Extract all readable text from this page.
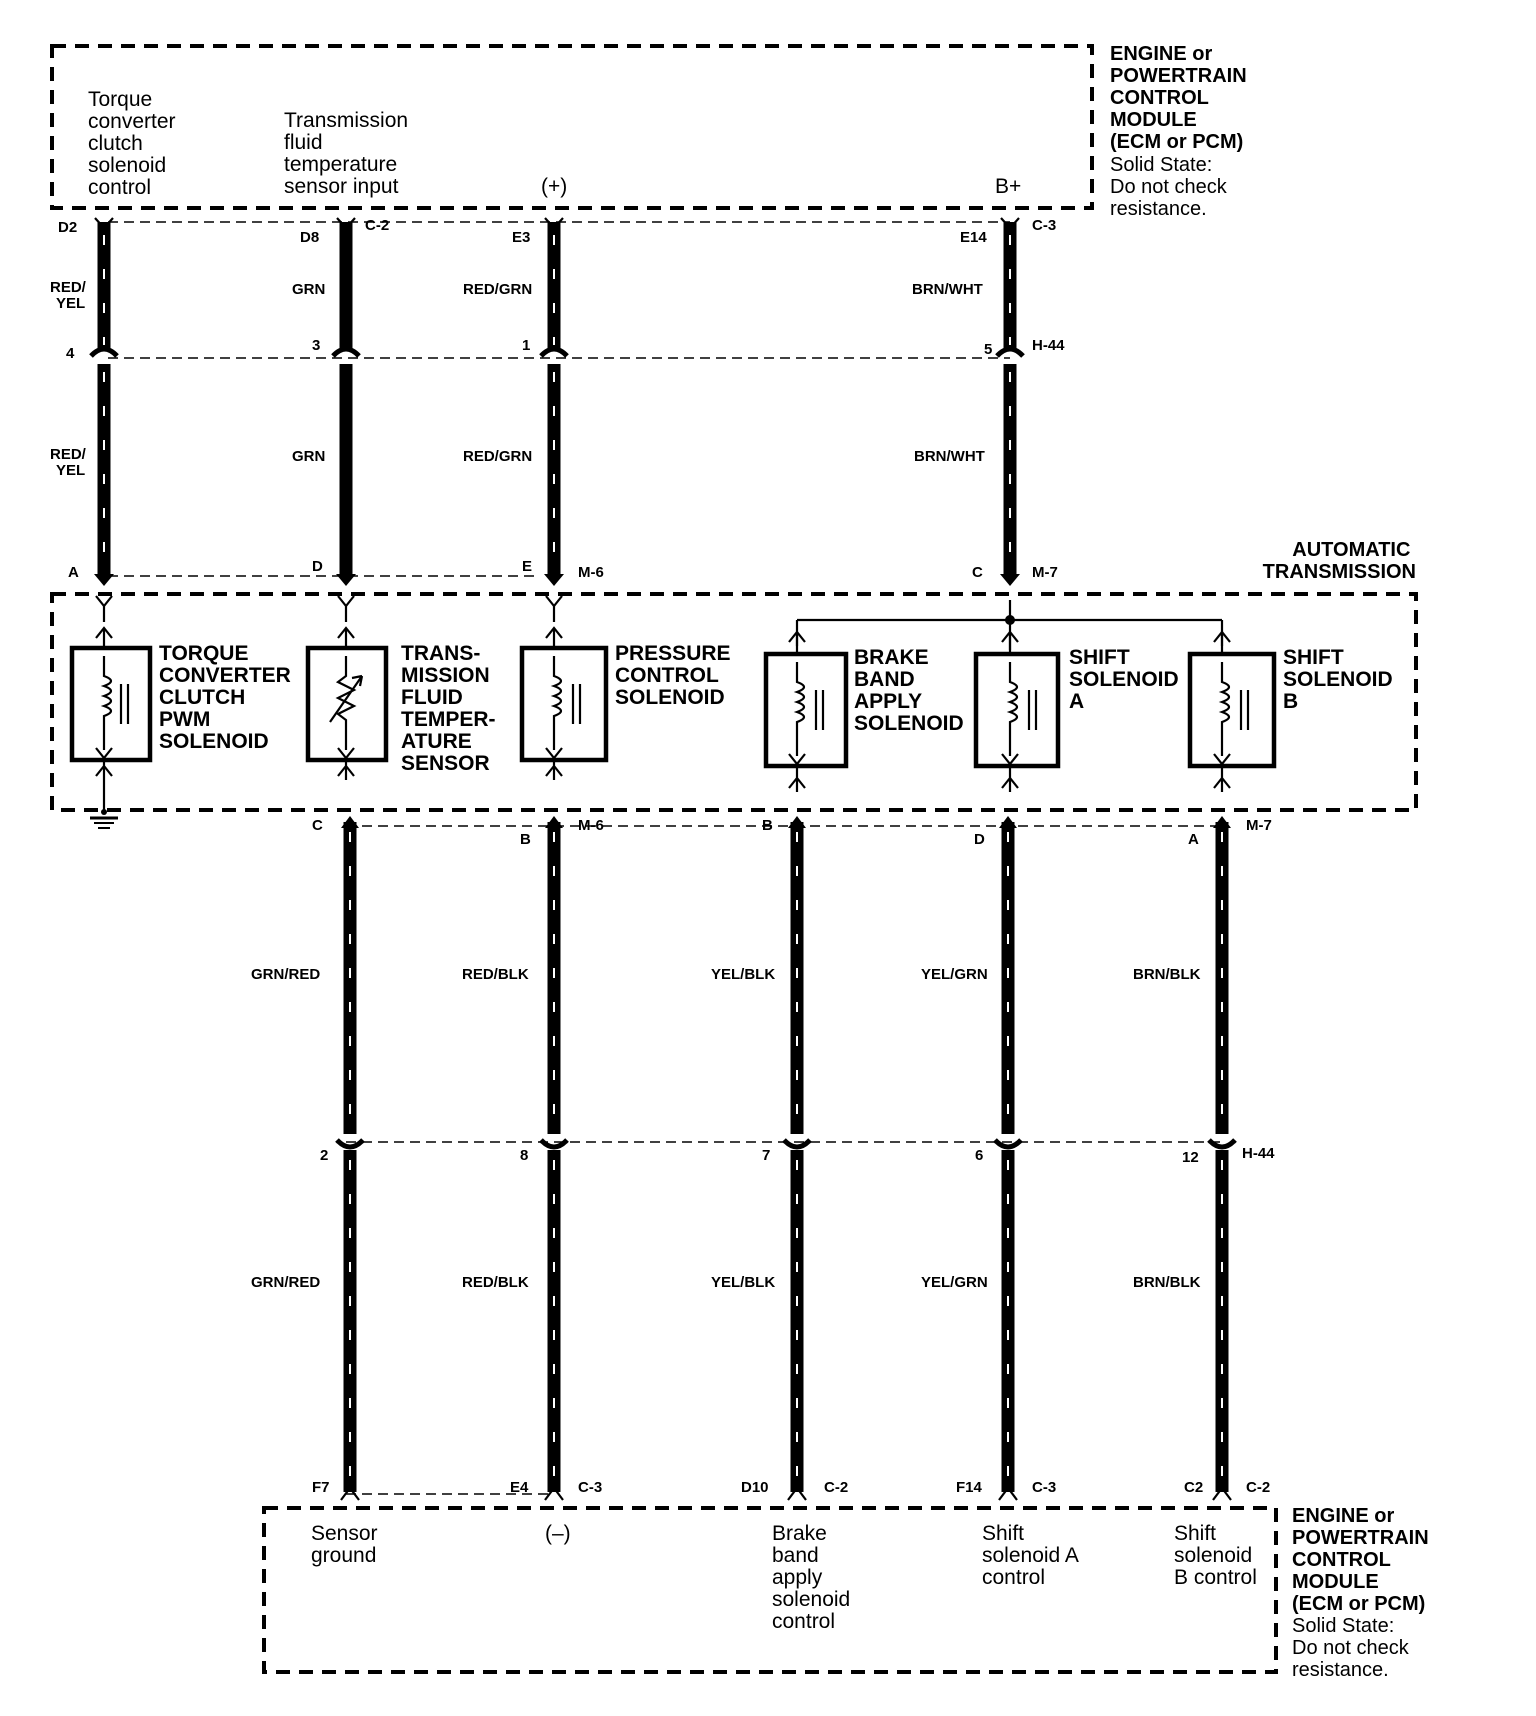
ENGINE or POWERTRAIN CONTROL MODULE (ECM or PCM)
Solid State: Do not check resistance.
Torque converter clutch solenoid control
Transmission fluid temperature sensor input	(+)	B+
D2
D8
C-2
E3	E14
C-3
RED/ YEL
GRN	RED/GRN	BRN/WHT
4	3	1	5	H-44
RED/ YEL
GRN	RED/GRN	BRN/WHT
A	D	E	M-6	C	M-7
AUTOMATIC TRANSMISSION
TORQUE CONVERTER CLUTCH PWM SOLENOID
TRANS- MISSION FLUID TEMPER- ATURE SENSOR
PRESSURE CONTROL SOLENOID
BRAKE BAND APPLY SOLENOID
SHIFT SOLENOID A
SHIFT SOLENOID B
C
B
M-6	B
D	A
M-7
GRN/RED	RED/BLK	YEL/BLK	YEL/GRN	BRN/BLK
2	8	7	6	12	H-44
GRN/RED	RED/BLK	YEL/BLK	YEL/GRN	BRN/BLK
F7	E4	C-3	D10	C-2	F14	C-3	C2	C-2
ENGINE or POWERTRAIN CONTROL MODULE (ECM or PCM)
Solid State: Do not check resistance.
Sensor ground
(–)	Brake band apply solenoid control
Shift solenoid A control
Shift solenoid B control
